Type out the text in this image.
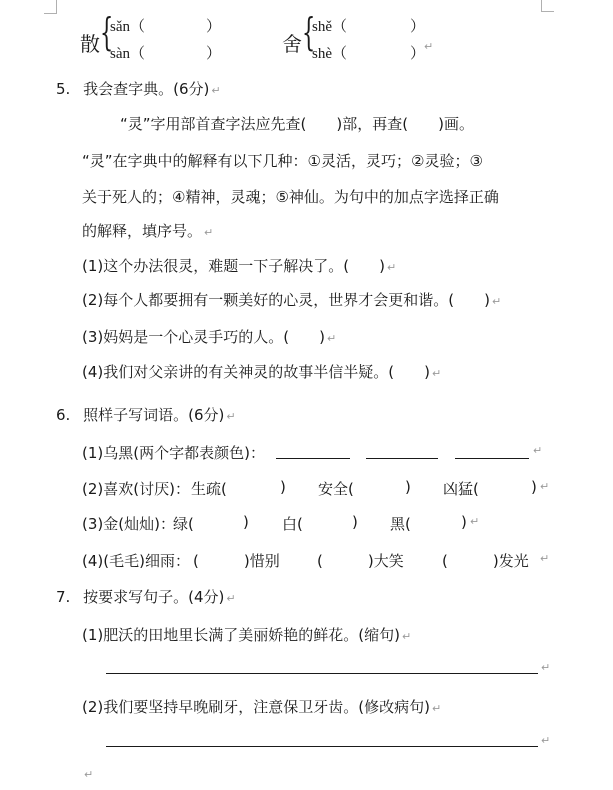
散 {
sǎn（	）
sàn（	）	舍 {
shě（	）
shè（	）
↵
5. 我会查字典。(6分) ↵
“灵”字用部首查字法应先查(　　)部，再查(　　)画。
“灵”在字典中的解释有以下几种：①灵活，灵巧；②灵验；③
关于死人的；④精神，灵魂；⑤神仙。为句中的加点字选择正确
的解释，填序号。 ↵
(1)这个办法很灵，难题一下子解决了。(　　) ↵
(2)每个人都要拥有一颗美好的心灵，世界才会更和谐。(　　) ↵
(3)妈妈是一个心灵手巧的人。(　　) ↵
(4)我们对父亲讲的有关神灵的故事半信半疑。(　　) ↵
6. 照样子写词语。(6分) ↵
(1)乌黑(两个字都表颜色)：	↵
(2)喜欢(讨厌)： 生疏(	) 安全(	) 凶猛(	) ↵
(3)金(灿灿)：
绿(	) 白(	) 黑(	) ↵
(4)(毛毛)细雨： (　　　)惜别 (　　　)大笑	(　　　)发光 ↵
7. 按要求写句子。(4分) ↵
(1)肥沃的田地里长满了美丽娇艳的鲜花。(缩句) ↵
↵
(2)我们要坚持早晚刷牙，注意保卫牙齿。(修改病句) ↵
↵
↵
